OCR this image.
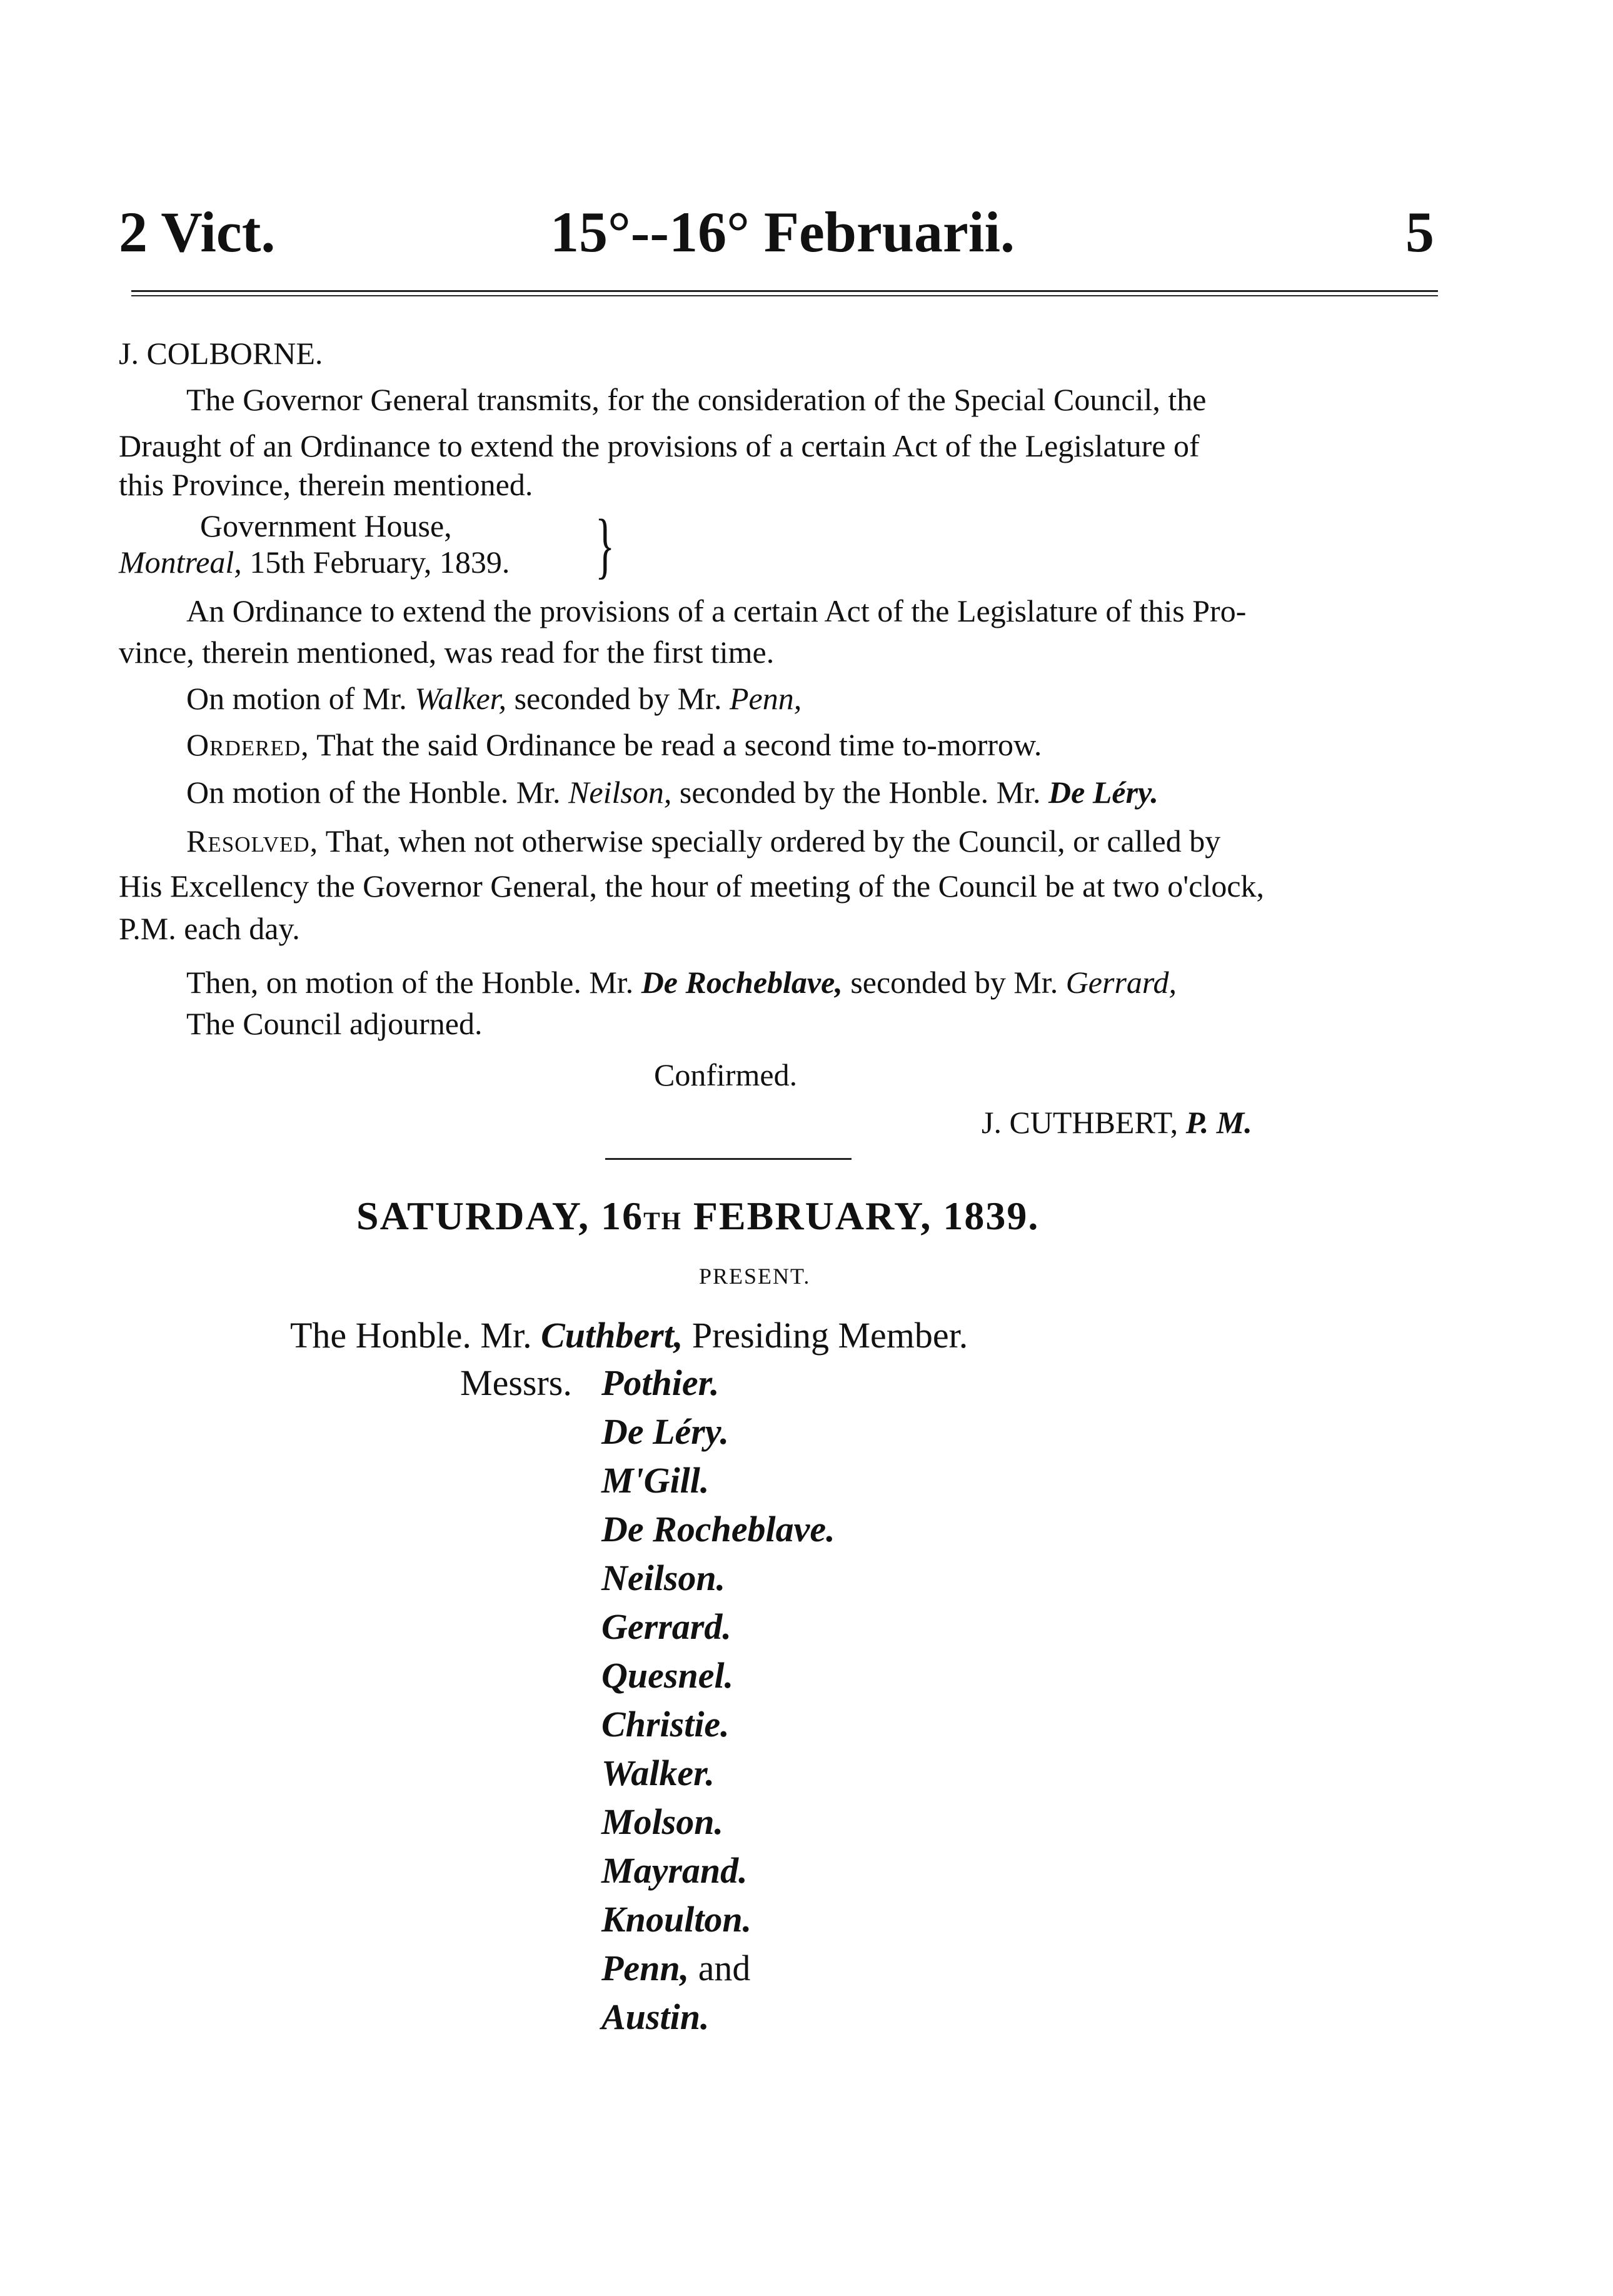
2 Vict.	15°--16° Februarii.	5
J. COLBORNE.
The Governor General transmits, for the consideration of the Special Council, the
Draught of an Ordinance to extend the provisions of a certain Act of the Legislature of
this Province, therein mentioned.
Government House,
Montreal, 15th February, 1839. }
An Ordinance to extend the provisions of a certain Act of the Legislature of this Pro-
vince, therein mentioned, was read for the first time.
On motion of Mr. Walker, seconded by Mr. Penn,
Ordered, That the said Ordinance be read a second time to-morrow.
On motion of the Honble. Mr. Neilson, seconded by the Honble. Mr. De Léry.
Resolved, That, when not otherwise specially ordered by the Council, or called by
His Excellency the Governor General, the hour of meeting of the Council be at two o'clock,
P.M. each day.
Then, on motion of the Honble. Mr. De Rocheblave, seconded by Mr. Gerrard,
The Council adjourned.
Confirmed.
J. CUTHBERT, P. M.
SATURDAY, 16TH FEBRUARY, 1839.
PRESENT.
The Honble. Mr. Cuthbert, Presiding Member.
Messrs. Pothier.
De Léry.
M'Gill.
De Rocheblave.
Neilson.
Gerrard.
Quesnel.
Christie.
Walker.
Molson.
Mayrand.
Knoulton.
Penn, and
Austin.
